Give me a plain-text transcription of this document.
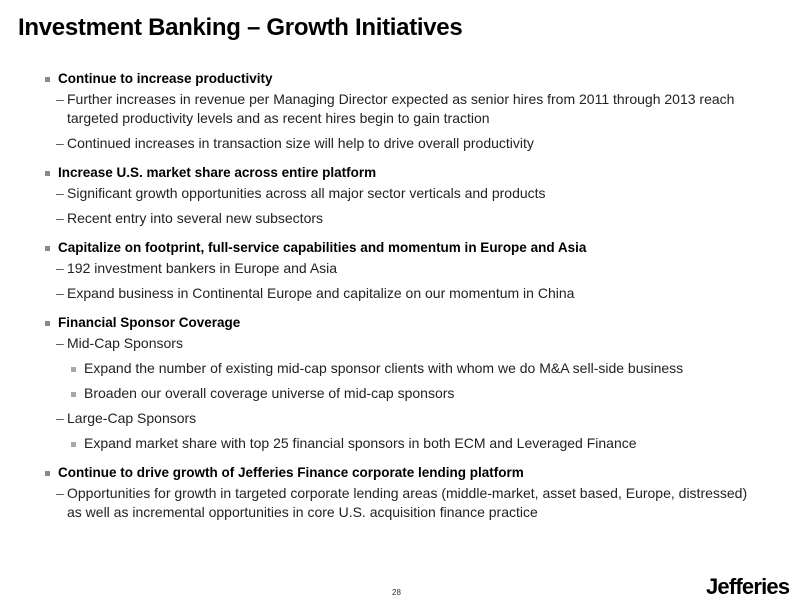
Investment Banking – Growth Initiatives
Continue to increase productivity
– Further increases in revenue per Managing Director expected as senior hires from 2011 through 2013 reach targeted productivity levels and as recent hires begin to gain traction
– Continued increases in transaction size will help to drive overall productivity
Increase U.S. market share across entire platform
– Significant growth opportunities across all major sector verticals and products
– Recent entry into several new subsectors
Capitalize on footprint, full-service capabilities and momentum in Europe and Asia
– 192 investment bankers in Europe and Asia
– Expand business in Continental Europe and capitalize on our momentum in China
Financial Sponsor Coverage
– Mid-Cap Sponsors
Expand the number of existing mid-cap sponsor clients with whom we do M&A sell-side business
Broaden our overall coverage universe of mid-cap sponsors
– Large-Cap Sponsors
Expand market share with top 25 financial sponsors in both ECM and Leveraged Finance
Continue to drive growth of Jefferies Finance corporate lending platform
– Opportunities for growth in targeted corporate lending areas (middle-market, asset based, Europe, distressed) as well as incremental opportunities in core U.S. acquisition finance practice
28	Jefferies
